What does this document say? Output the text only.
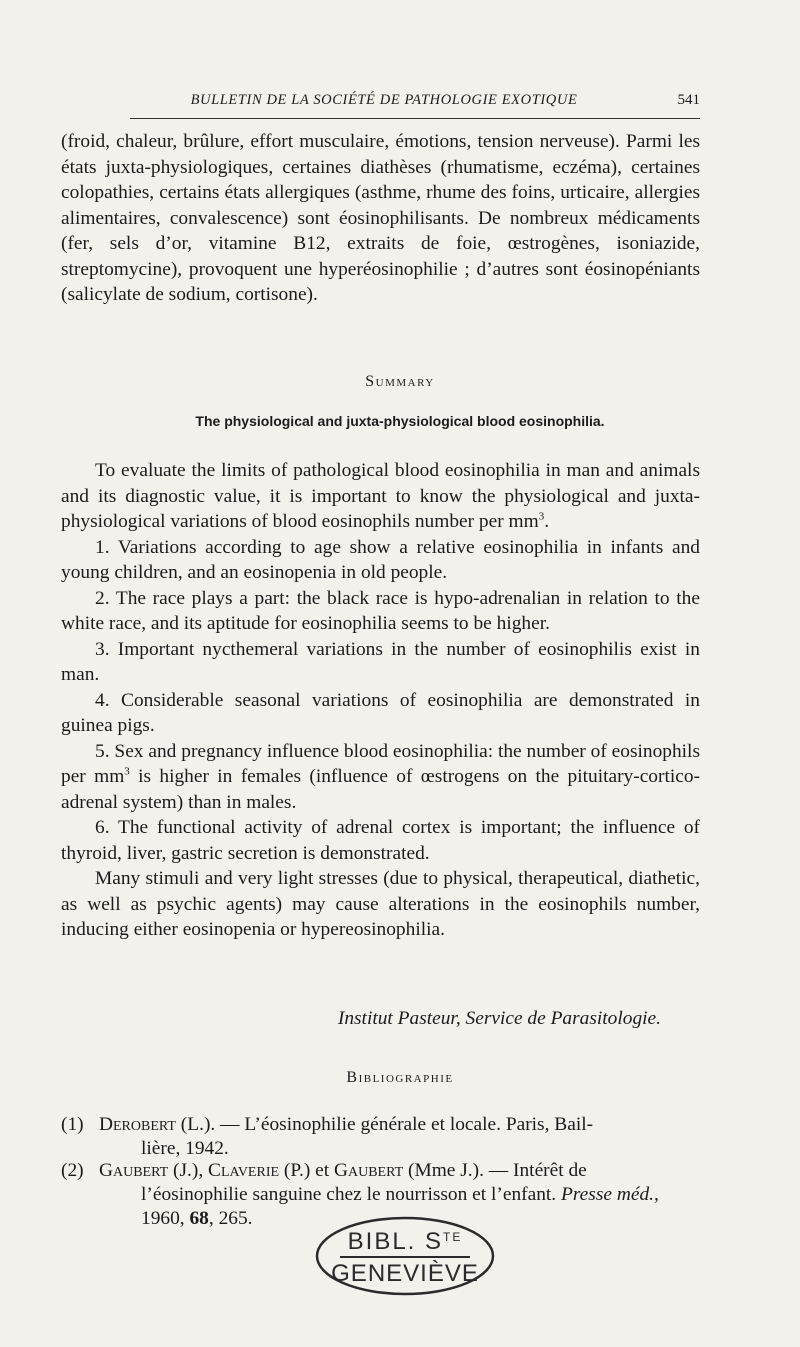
BULLETIN DE LA SOCIÉTÉ DE PATHOLOGIE EXOTIQUE	541

(froid, chaleur, brûlure, effort musculaire, émotions, tension nerveuse). Parmi les états juxta-physiologiques, certaines diathèses (rhumatisme, eczéma), certaines colopathies, certains états allergiques (asthme, rhume des foins, urticaire, allergies alimentaires, convalescence) sont éosinophilisants. De nombreux médicaments (fer, sels d’or, vitamine B12, extraits de foie, œstrogènes, isoniazide, streptomycine), provoquent une hyperéosinophilie ; d’autres sont éosinopéniants (salicylate de sodium, cortisone).

Summary
The physiological and juxta-physiological blood eosinophilia.

To evaluate the limits of pathological blood eosinophilia in man and animals and its diagnostic value, it is important to know the physiological and juxta-physiological variations of blood eosinophils number per $mm^3$.

1. Variations according to age show a relative eosinophilia in infants and young children, and an eosinopenia in old people.

2. The race plays a part: the black race is hypo-adrenalian in relation to the white race, and its aptitude for eosinophilia seems to be higher.

3. Important nycthemeral variations in the number of eosinophilis exist in man.

4. Considerable seasonal variations of eosinophilia are demonstrated in guinea pigs.

5. Sex and pregnancy influence blood eosinophilia: the number of eosinophils per $mm^3$ is higher in females (influence of œstrogens on the pituitary-cortico-adrenal system) than in males.

6. The functional activity of adrenal cortex is important; the influence of thyroid, liver, gastric secretion is demonstrated.

Many stimuli and very light stresses (due to physical, therapeutical, diathetic, as well as psychic agents) may cause alterations in the eosinophils number, inducing either eosinopenia or hypereosinophilia.

Institut Pasteur, Service de Parasitologie.
Bibliographie
(1) Derobert (L.). — L’éosinophilie générale et locale. Paris, Bail-
lière, 1942.
(2) Gaubert (J.), Claverie (P.) et Gaubert (Mme J.). — Intérêt de
l’éosinophilie sanguine chez le nourrisson et l’enfant. Presse méd.,
1960, 68, 265.
BIBL. $S^{TE}$
GENEVIÈVE
